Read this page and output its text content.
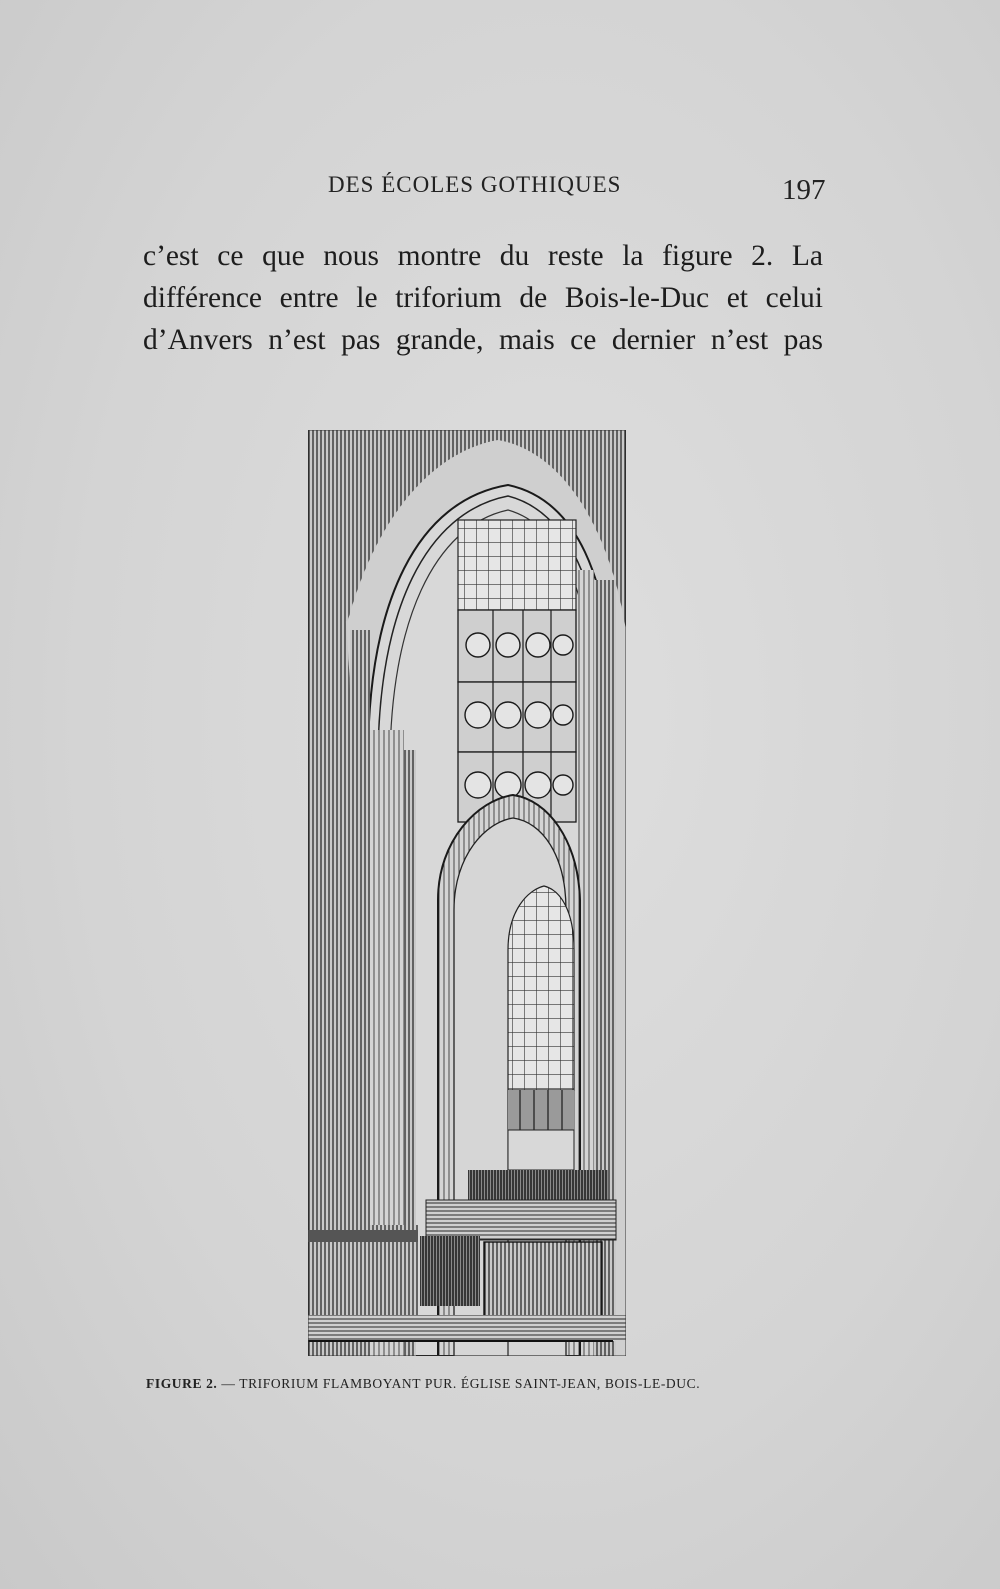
DES ÉCOLES GOTHIQUES	197
c’est ce que nous montre du reste la figure 2. La
différence entre le triforium de Bois-le-Duc et celui
d’Anvers n’est pas grande, mais ce dernier n’est pas
FIGURE 2. — TRIFORIUM FLAMBOYANT PUR. ÉGLISE SAINT-JEAN, BOIS-LE-DUC.
